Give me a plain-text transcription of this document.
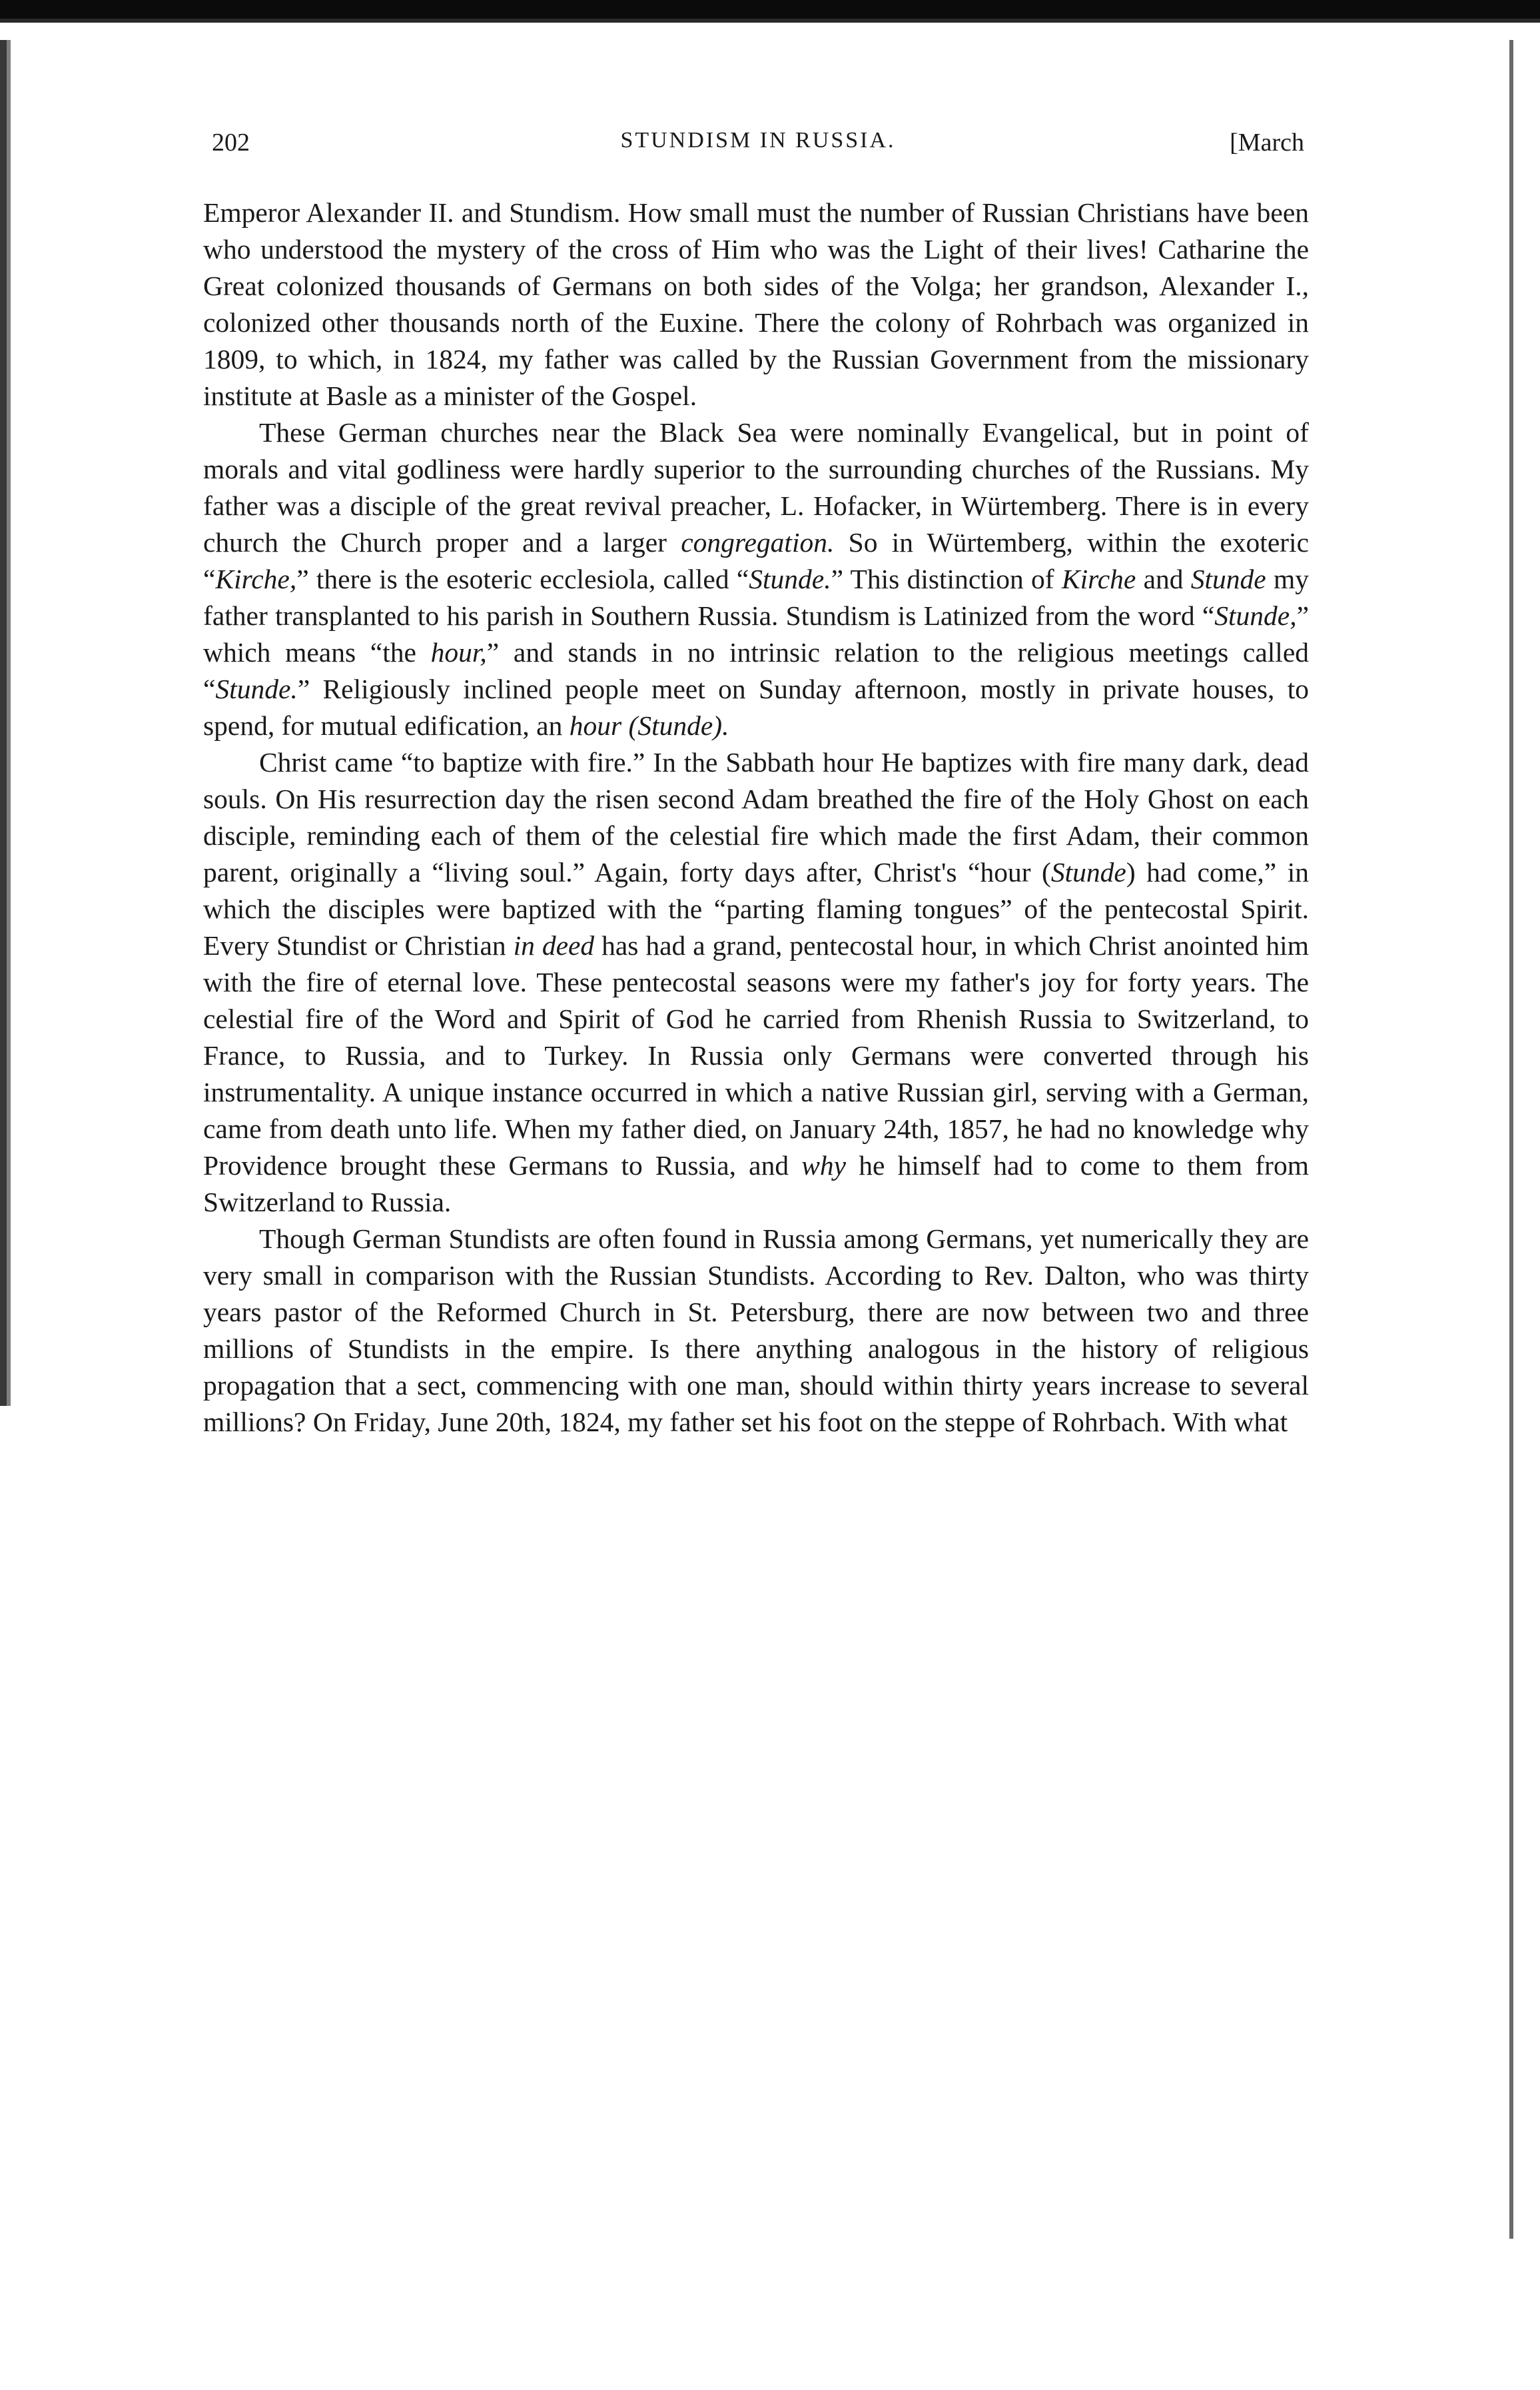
202	STUNDISM IN RUSSIA.	[March

Emperor Alexander II. and Stundism. How small must the number of Russian Christians have been who understood the mystery of the cross of Him who was the Light of their lives! Catharine the Great colonized thousands of Germans on both sides of the Volga; her grandson, Alexander I., colonized other thousands north of the Euxine. There the colony of Rohrbach was organized in 1809, to which, in 1824, my father was called by the Russian Government from the missionary institute at Basle as a minister of the Gospel.

These German churches near the Black Sea were nominally Evangelical, but in point of morals and vital godliness were hardly superior to the surrounding churches of the Russians. My father was a disciple of the great revival preacher, L. Hofacker, in Würtemberg. There is in every church the Church proper and a larger congregation. So in Würtemberg, within the exoteric “Kirche,” there is the esoteric ecclesiola, called “Stunde.” This distinction of Kirche and Stunde my father transplanted to his parish in Southern Russia. Stundism is Latinized from the word “Stunde,” which means “the hour,” and stands in no intrinsic relation to the religious meetings called “Stunde.” Religiously inclined people meet on Sunday afternoon, mostly in private houses, to spend, for mutual edification, an hour (Stunde).

Christ came “to baptize with fire.” In the Sabbath hour He baptizes with fire many dark, dead souls. On His resurrection day the risen second Adam breathed the fire of the Holy Ghost on each disciple, reminding each of them of the celestial fire which made the first Adam, their common parent, originally a “living soul.” Again, forty days after, Christ's “hour (Stunde) had come,” in which the disciples were baptized with the “parting flaming tongues” of the pentecostal Spirit. Every Stundist or Christian in deed has had a grand, pentecostal hour, in which Christ anointed him with the fire of eternal love. These pentecostal seasons were my father's joy for forty years. The celestial fire of the Word and Spirit of God he carried from Rhenish Russia to Switzerland, to France, to Russia, and to Turkey. In Russia only Germans were converted through his instrumentality. A unique instance occurred in which a native Russian girl, serving with a German, came from death unto life. When my father died, on January 24th, 1857, he had no knowledge why Providence brought these Germans to Russia, and why he himself had to come to them from Switzerland to Russia.

Though German Stundists are often found in Russia among Germans, yet numerically they are very small in comparison with the Russian Stundists. According to Rev. Dalton, who was thirty years pastor of the Reformed Church in St. Petersburg, there are now between two and three millions of Stundists in the empire. Is there anything analogous in the history of religious propagation that a sect, commencing with one man, should within thirty years increase to several millions? On Friday, June 20th, 1824, my father set his foot on the steppe of Rohrbach. With what
